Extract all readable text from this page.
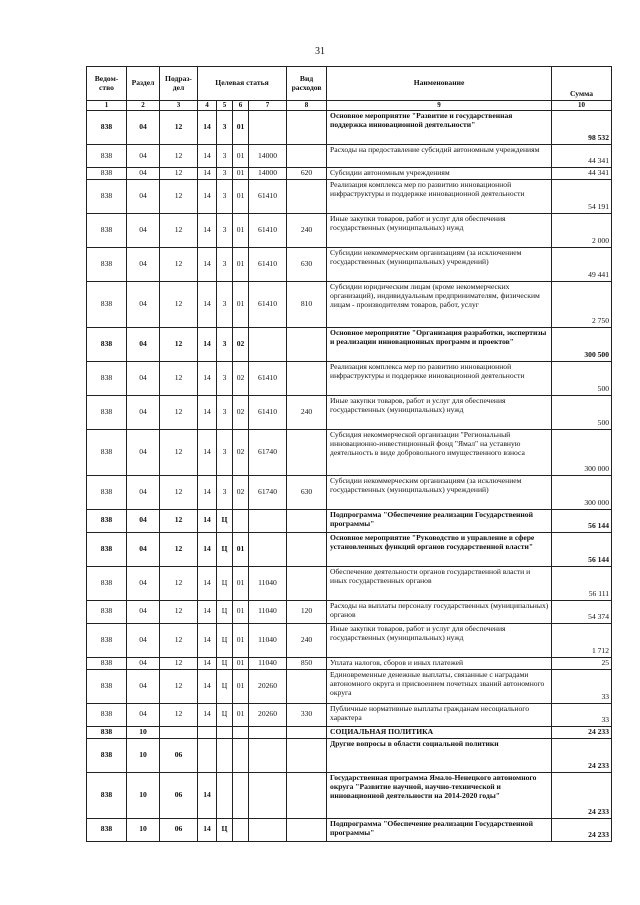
31
Ведом-ство	Раздел	Подраз-дел	Целевая статья				Вид расходов	Наименование	Сумма
1	2	3	4	5	6	7	8	9	10
838	04	12	14	3	01			Основное мероприятие "Развитие и государственная поддержка инновационной деятельности"	98 532
838	04	12	14	3	01	14000		Расходы на предоставление субсидий автономным учреждениям	44 341
838	04	12	14	3	01	14000	620	Субсидии автономным учреждениям	44 341
838	04	12	14	3	01	61410		Реализация комплекса мер по развитию инновационной инфраструктуры и поддержке инновационной деятельности	54 191
838	04	12	14	3	01	61410	240	Иные закупки товаров, работ и услуг для обеспечения государственных (муниципальных) нужд	2 000
838	04	12	14	3	01	61410	630	Субсидии некоммерческим организациям (за исключением государственных (муниципальных) учреждений)	49 441
838	04	12	14	3	01	61410	810	Субсидии юридическим лицам (кроме некоммерческих организаций), индивидуальным предпринимателям, физическим лицам - производителям товаров, работ, услуг	2 750
838	04	12	14	3	02			Основное мероприятие "Организация разработки, экспертизы и реализации инновационных программ и проектов"	300 500
838	04	12	14	3	02	61410		Реализация комплекса мер по развитию инновационной инфраструктуры и поддержке инновационной деятельности	500
838	04	12	14	3	02	61410	240	Иные закупки товаров, работ и услуг для обеспечения государственных (муниципальных) нужд	500
838	04	12	14	3	02	61740		Субсидия некоммерческой организации "Региональный инновационно-инвестиционный фонд "Ямал" на уставную деятельность в виде добровольного имущественного взноса	300 000
838	04	12	14	3	02	61740	630	Субсидии некоммерческим организациям (за исключением государственных (муниципальных) учреждений)	300 000
838	04	12	14	Ц				Подпрограмма "Обеспечение реализации Государственной программы"	56 144
838	04	12	14	Ц	01			Основное мероприятие "Руководство и управление в сфере установленных функций органов государственной власти"	56 144
838	04	12	14	Ц	01	11040		Обеспечение деятельности органов государственной власти и иных государственных органов	56 111
838	04	12	14	Ц	01	11040	120	Расходы на выплаты персоналу государственных (муниципальных) органов	54 374
838	04	12	14	Ц	01	11040	240	Иные закупки товаров, работ и услуг для обеспечения государственных (муниципальных) нужд	1 712
838	04	12	14	Ц	01	11040	850	Уплата налогов, сборов и иных платежей	25
838	04	12	14	Ц	01	20260		Единовременные денежные выплаты, связанные с наградами автономного округа и присвоением почетных званий автономного округа	33
838	04	12	14	Ц	01	20260	330	Публичные нормативные выплаты гражданам несоциального характера	33
838	10							СОЦИАЛЬНАЯ ПОЛИТИКА	24 233
838	10	06						Другие вопросы в области социальной политики	24 233
838	10	06	14					Государственная программа Ямало-Ненецкого автономного округа "Развитие научной, научно-технической и инновационной деятельности на 2014-2020 годы"	24 233
838	10	06	14	Ц				Подпрограмма "Обеспечение реализации Государственной программы"	24 233
